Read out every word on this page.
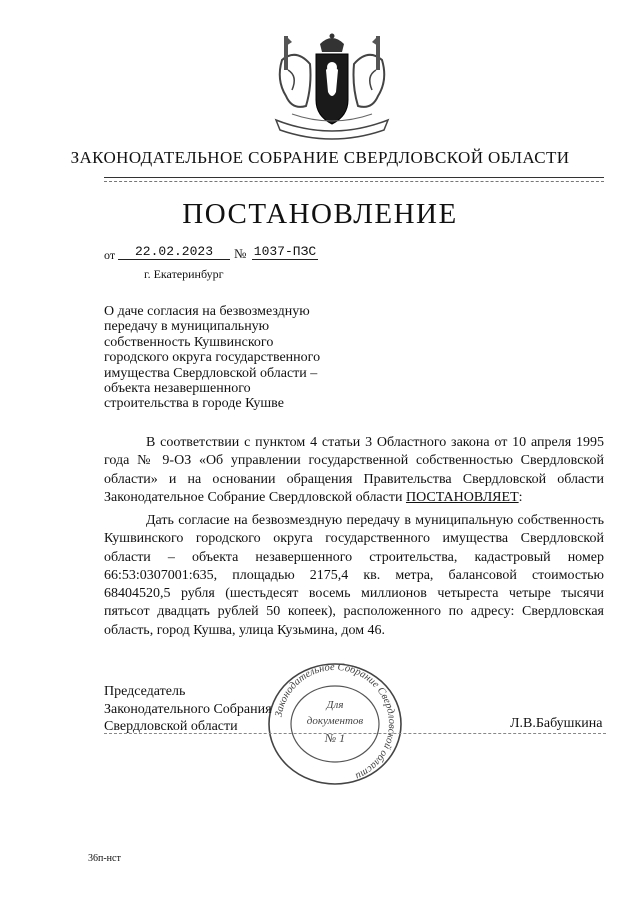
ЗАКОНОДАТЕЛЬНОЕ СОБРАНИЕ СВЕРДЛОВСКОЙ ОБЛАСТИ
ПОСТАНОВЛЕНИЕ
от	22.02.2023	№ 1037-ПЗС
г. Екатеринбург
О даче согласия на безвозмездную передачу в муниципальную собственность Кушвинского городского округа государственного имущества Свердловской области – объекта незавершенного строительства в городе Кушве
В соответствии с пунктом 4 статьи 3 Областного закона от 10 апреля 1995 года № 9-ОЗ «Об управлении государственной собственностью Свердловской области» и на основании обращения Правительства Свердловской области Законодательное Собрание Свердловской области ПОСТАНОВЛЯЕТ:
Дать согласие на безвозмездную передачу в муниципальную собственность Кушвинского городского округа государственного имущества Свердловской области – объекта незавершенного строительства, кадастровый номер 66:53:0307001:635, площадью 2175,4 кв. метра, балансовой стоимостью 68404520,5 рубля (шестьдесят восемь миллионов четыреста четыре тысячи пятьсот двадцать рублей 50 копеек), расположенного по адресу: Свердловская область, город Кушва, улица Кузьмина, дом 46.
Законодательное Собрание Свердловской области
Для
документов
№ 1
Председатель
Законодательного Собрания
Свердловской области	Л.В.Бабушкина
36п-нст
